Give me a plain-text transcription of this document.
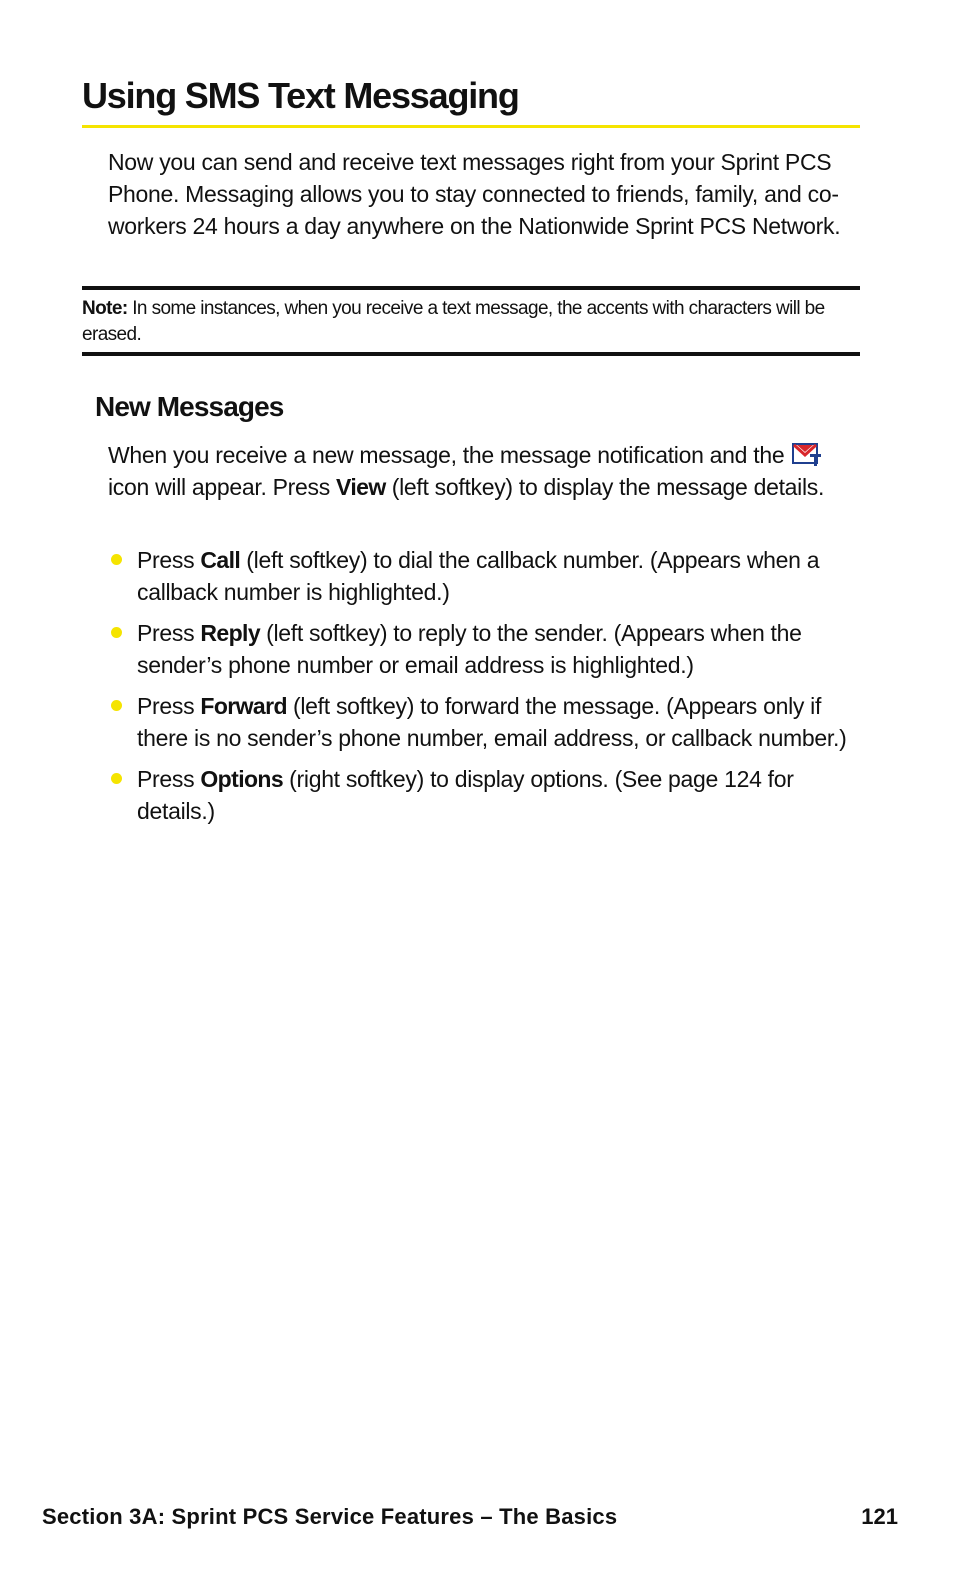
Using SMS Text Messaging

Now you can send and receive text messages right from your Sprint PCS Phone. Messaging allows you to stay connected to friends, family, and co-workers 24 hours a day anywhere on the Nationwide Sprint PCS Network.

Note: In some instances, when you receive a text message, the accents with characters will be erased.

New Messages

When you receive a new message, the message notification and the  icon will appear. Press View (left softkey) to display the message details.

Press Call (left softkey) to dial the callback number. (Appears when a callback number is highlighted.)
Press Reply (left softkey) to reply to the sender. (Appears when the sender’s phone number or email address is highlighted.)
Press Forward (left softkey) to forward the message. (Appears only if there is no sender’s phone number, email address, or callback number.)
Press Options (right softkey) to display options. (See page 124 for details.)
Section 3A: Sprint PCS Service Features – The Basics	121
